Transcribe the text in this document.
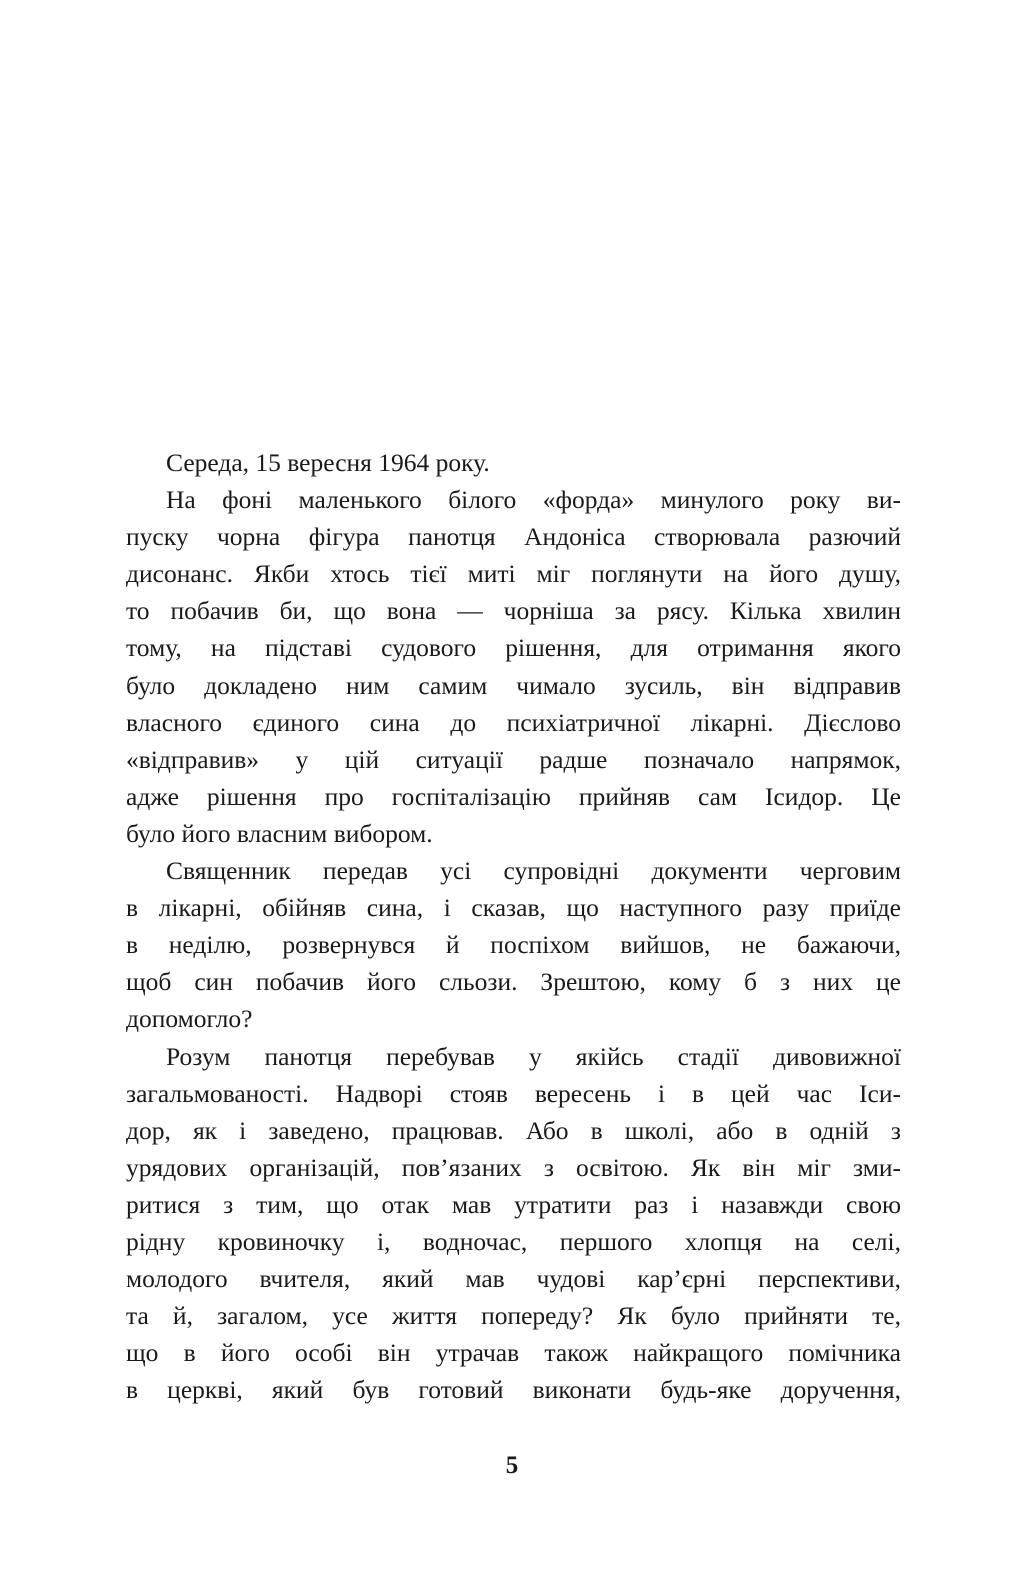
Середа, 15 вересня 1964 року.
На фоні маленького білого «форда» минулого року ви-
пуску чорна фігура панотця Андоніса створювала разючий
дисонанс. Якби хтось тієї миті міг поглянути на його душу,
то побачив би, що вона — чорніша за рясу. Кілька хвилин
тому, на підставі судового рішення, для отримання якого
було докладено ним самим чимало зусиль, він відправив
власного єдиного сина до психіатричної лікарні. Дієслово
«відправив» у цій ситуації радше позначало напрямок,
адже рішення про госпіталізацію прийняв сам Ісидор. Це
було його власним вибором.
Священник передав усі супровідні документи черговим
в лікарні, обійняв сина, і сказав, що наступного разу приїде
в неділю, розвернувся й поспіхом вийшов, не бажаючи,
щоб син побачив його сльози. Зрештою, кому б з них це
допомогло?
Розум панотця перебував у якійсь стадії дивовижної
загальмованості. Надворі стояв вересень і в цей час Іси-
дор, як і заведено, працював. Або в школі, або в одній з
урядових організацій, пов’язаних з освітою. Як він міг зми-
ритися з тим, що отак мав утратити раз і назавжди свою
рідну кровиночку і, водночас, першого хлопця на селі,
молодого вчителя, який мав чудові кар’єрні перспективи,
та й, загалом, усе життя попереду? Як було прийняти те,
що в його особі він утрачав також найкращого помічника
в церкві, який був готовий виконати будь-яке доручення,
5
